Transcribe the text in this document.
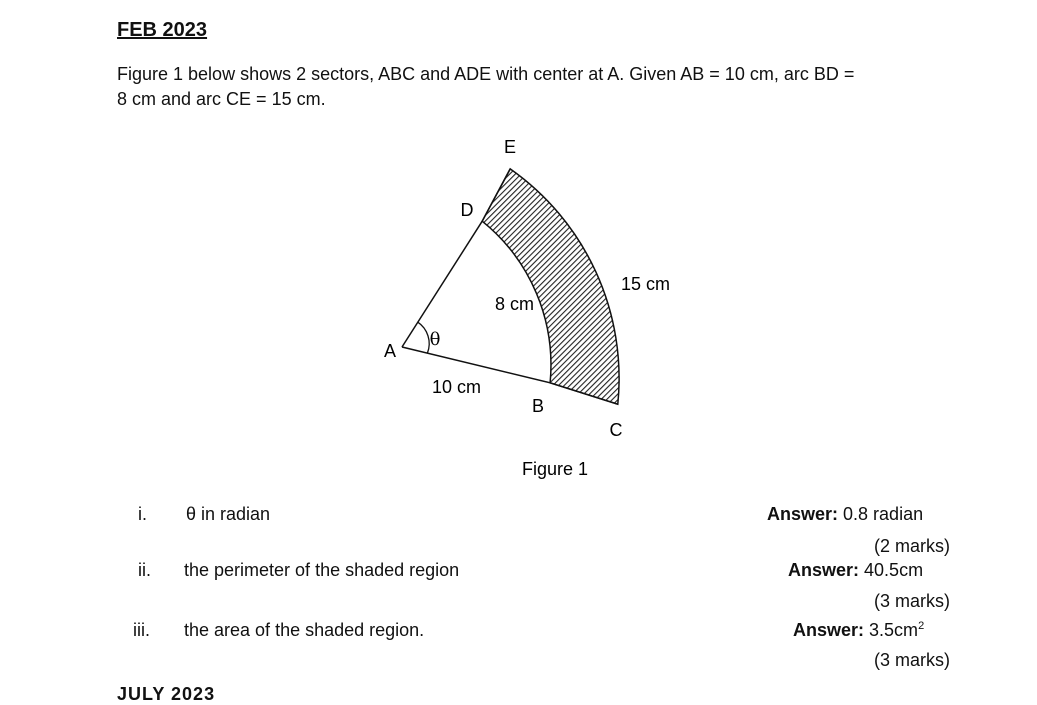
FEB 2023
Figure 1 below shows 2 sectors, ABC and ADE with center at A. Given AB = 10 cm, arc BD =
8 cm and arc CE = 15 cm.
E
D
A
B
C
θ
15 cm
8 cm
10 cm
Figure 1
i. θ in radian	Answer: 0.8 radian
(2 marks)
ii. the perimeter of the shaded region	Answer: 40.5cm
(3 marks)
iii. the area of the shaded region.	Answer: $3.5cm^2$
(3 marks)
JULY 2023
